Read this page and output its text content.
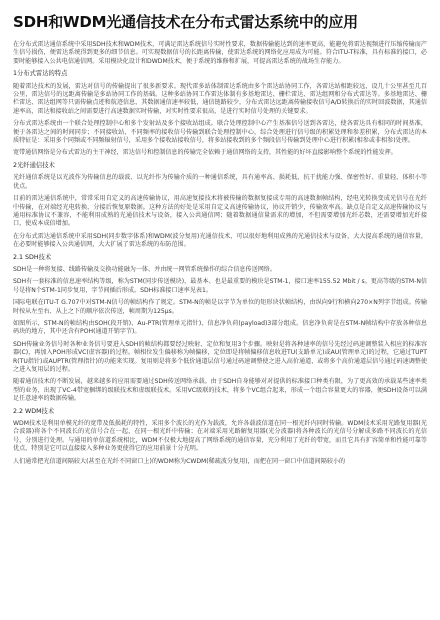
SDH和WDM光通信技术在分布式雷达系统中的应用

在分布式雷达通信系统中采用SDH技术和WDM技术，可满足雷达系统信号实时性要求，数据传输能达到的速率更高，能避免将雷达视频进行压缩传输而产生信号损伤，便雷达系统得到更多的细节信息。可实现数据信号的长距离传输，使雷达系统的网络化应用成为可能。符合ITU-T标准，具有标准的接口，必要时能够接入公共电信通信网。采用模块化设计和DWDM技术，便于系统的维修和扩展，可提高雷达系统的战场生存能力。

1分布式雷达的特点

随着雷达技术的发展，雷达对信号的传输提出了很多新要求。现代雷多站体制雷达系统由多个雷达站协同工作，各雷达站相距较远，设几十公里甚至几百公里，雷达信号的远距离传输是多站协同工作的基础。这种多站协同工作雷达体制有多基地雷达、栅栏雷达、雷达组网和分布式雷达等。多基地雷达、栅栏雷达、雷达组网等只需传输点迹和航迹信息，其数据通信速率较低，通信链路较少，分布式雷达远距离传输接收信号A/D转换后的实时回波数据，其通信速率高，雷达和接收站之间需要进行高速数据实时传输，对实时性要求很高，是进行实时信号处理的关键要求。

分布式雷达系统由一个联合处理控制中心和多个发射站及多个接收站组成。联合处理控制中心产生基准信号送到各雷达，使各雷达具有相同的时间基准，便于各雷达之间的时间同步；不同接收站，不同频率的接收信号传输到联合处理控制中心，综合处理进行信号级的积累处理和参差积累，分布式雷达的本质特征是：采用多个同频或不同频辐射信号，采用多个接收站接收信号，将多站接收到的多个频段信号传输到处理中心进行积累(相参或非相参)处理。

宽带通信网络是分布式雷达的主干神经，雷达信号和控制信息的传输完全依赖于通信网络的支持，其性能的好坏直接影响整个系统的性能发挥。

2光纤通信技术

光纤通信系统是以光波作为传输信息的载波、以光纤作为传输介质的一种通信系统，具有通率高、损耗低、抗干扰能力强、保密性好、重量轻、体积小等优点。

目前的雷达通信系统中，常常采用自定义的高速传输协议，用高速复接技术将被传输的数据复接成专用的高速数据帧结构，经电光转换变成光信号在光纤中传输，在对端经光电转换、分接后恢复原数据。这种方法的好处是采用自定义高速传输协议，协议开销少，传输效率高。缺点是自定义高速传输协议与通用标准协议不兼容，不能利用成熟的光通信技术与设备，接入公共通信网；随着数据通信量需求的增加，不但需要增加光纤芯数，还需要增加光纤接口，使成本成倍增加。

在分布式雷达通信系统中采用SDH(同步数字体系)和WDM(波分复用)光通信技术，可以很好地利用成熟的光通信技术与设备，大大提高系统的通信容量，在必要时能够接入公共通信网，大大扩展了雷达系统的布防范围。

2.1 SDH技术

SDH是一种将复接、线路传输及交换功能融为一体、并由统一网管系统操作的综合信息传送网络。

SDH有一套标准的信息速率结构等级，称为STM(同步传送模块)，最基本、也是最重要的模块是STM-1，接口速率155.52 Mbit / s。更高等级的STM-N信号是将N个STM-1同步复用，字节间插后形成。SDH标准接口速率见表1。

国际电联在ITU-T G.707中对STM-N信号的帧结构作了规定。STM-N的帧是以字节为单位的矩形块状帧结构，由纵向9行和横向270×N列字节组成。传输时按从左至右、从上之下的顺序依次传送，帧周期为125μs。

如图所示，STM-N的帧结构由SOH(段开销)、Au-PTR(管理单元指针)、信息净负荷(payload)3部分组成。信息净负荷是在STM-N帧结构中存放各种信息码块的地方，其中还含有POH(通道开销字节)。

SDH传输业务信号时各种业务信号要进入SDH的帧结构都要经过映射、定位和复用3个步骤。映射是将各种速率的信号先经过码速调整装入相应的标准容器(C)，再加入POH形成VC(虚容器)的过程。帧相位发生偏移称为帧偏移，定位即是将帧偏移信息收进TU(支路单元)或AU(管理单元)的过程，它通过TUPTR(TU指针)或AUPTR(管理指针)的功能来实现。复用则是将多个低价通道层信号通过码速调整使之进入高价通道，或将多个高价通道层信号通过码速调整使之进入复用层的过程。

随着通信技术的不断发展，越来越多的应用需要通过SDH传送网络承载。由于SDH自身能够对对提供的标准接口种类有限，为了更高效的承载某些速率类型的业务，出现了VC-4带宽捆绑的级联技术和虚级联技术。采用VC级联的技术，将多个VC组合起来，形成一个组合容量更大的容器，便SDH设备可以满足任意速率的数据传输。

2.2 WDM技术

WDM技术是利用单模光纤的宽带及低损耗的特性，采用多个波长的光作为载波，允许各载波信道在同一根光纤内同时传输。WDM技术采用光路复用器(光合波器)将各个不同波长的光信号合在一起，在同一根光纤中传输；在对端采用光路解复用器(光分波器)将各种波长的光信号分解成多路不同波长的光信号，分别进行处理。与通用的单信道系统相比，WDM不仅极大地提高了网络系统的通信容量，充分利用了光纤的带宽，而且它具有扩容简单和性能可靠等优点，特别是它可以直接接入多种业务更使得它的应用前景十分光明。

人们通常把光信道间隔较大(甚至在光纤不同窗口上)的WDM称为CWDM(稀疏波分复用)，而把在同一窗口中信道间隔较小的
